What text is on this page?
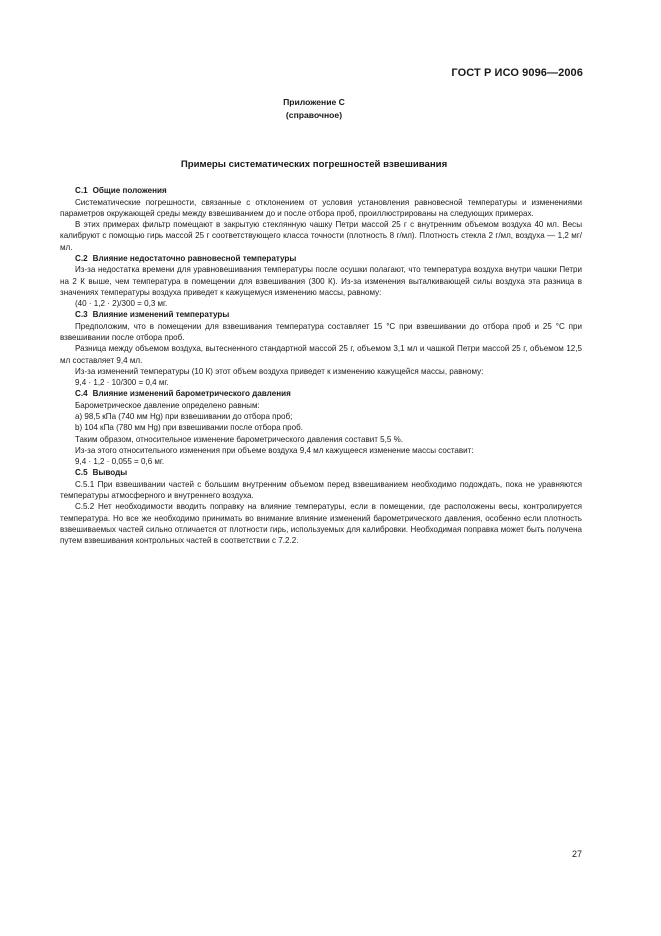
ГОСТ Р ИСО 9096—2006
Приложение С
(справочное)
Примеры систематических погрешностей взвешивания
С.1 Общие положения

Систематические погрешности, связанные с отклонением от условия установления равновесной температуры и изменениями параметров окружающей среды между взвешиванием до и после отбора проб, проиллюстрированы на следующих примерах.

В этих примерах фильтр помещают в закрытую стеклянную чашку Петри массой 25 г с внутренним объемом воздуха 40 мл. Весы калибруют с помощью гирь массой 25 г соответствующего класса точности (плотность 8 г/мл). Плотность стекла 2 г/мл, воздуха — 1,2 мг/мл.

С.2 Влияние недостаточно равновесной температуры

Из-за недостатка времени для уравновешивания температуры после осушки полагают, что температура воздуха внутри чашки Петри на 2 К выше, чем температура в помещении для взвешивания (300 К). Из-за изменения выталкивающей силы воздуха эта разница в значениях температуры воздуха приведет к кажущемуся изменению массы, равному:

(40 · 1,2 · 2)/300 = 0,3 мг.

С.3 Влияние изменений температуры

Предположим, что в помещении для взвешивания температура составляет 15 °С при взвешивании до отбора проб и 25 °С при взвешивании после отбора проб.

Разница между объемом воздуха, вытесненного стандартной массой 25 г, объемом 3,1 мл и чашкой Петри массой 25 г, объемом 12,5 мл составляет 9,4 мл.

Из-за изменений температуры (10 К) этот объем воздуха приведет к изменению кажущейся массы, равному:

9,4 · 1,2 · 10/300 = 0,4 мг.

С.4 Влияние изменений барометрического давления

Барометрическое давление определено равным:

a) 98,5 кПа (740 мм Hg) при взвешивании до отбора проб;
b) 104 кПа (780 мм Hg) при взвешивании после отбора проб.

Таким образом, относительное изменение барометрического давления составит 5,5 %.

Из-за этого относительного изменения при объеме воздуха 9,4 мл кажущееся изменение массы составит:

9,4 · 1,2 · 0,055 = 0,6 мг.

С.5 Выводы

С.5.1 При взвешивании частей с большим внутренним объемом перед взвешиванием необходимо подождать, пока не уравняются температуры атмосферного и внутреннего воздуха.

С.5.2 Нет необходимости вводить поправку на влияние температуры, если в помещении, где расположены весы, контролируется температура. Но все же необходимо принимать во внимание влияние изменений барометрического давления, особенно если плотность взвешиваемых частей сильно отличается от плотности гирь, используемых для калибровки. Необходимая поправка может быть получена путем взвешивания контрольных частей в соответствии с 7.2.2.

27
